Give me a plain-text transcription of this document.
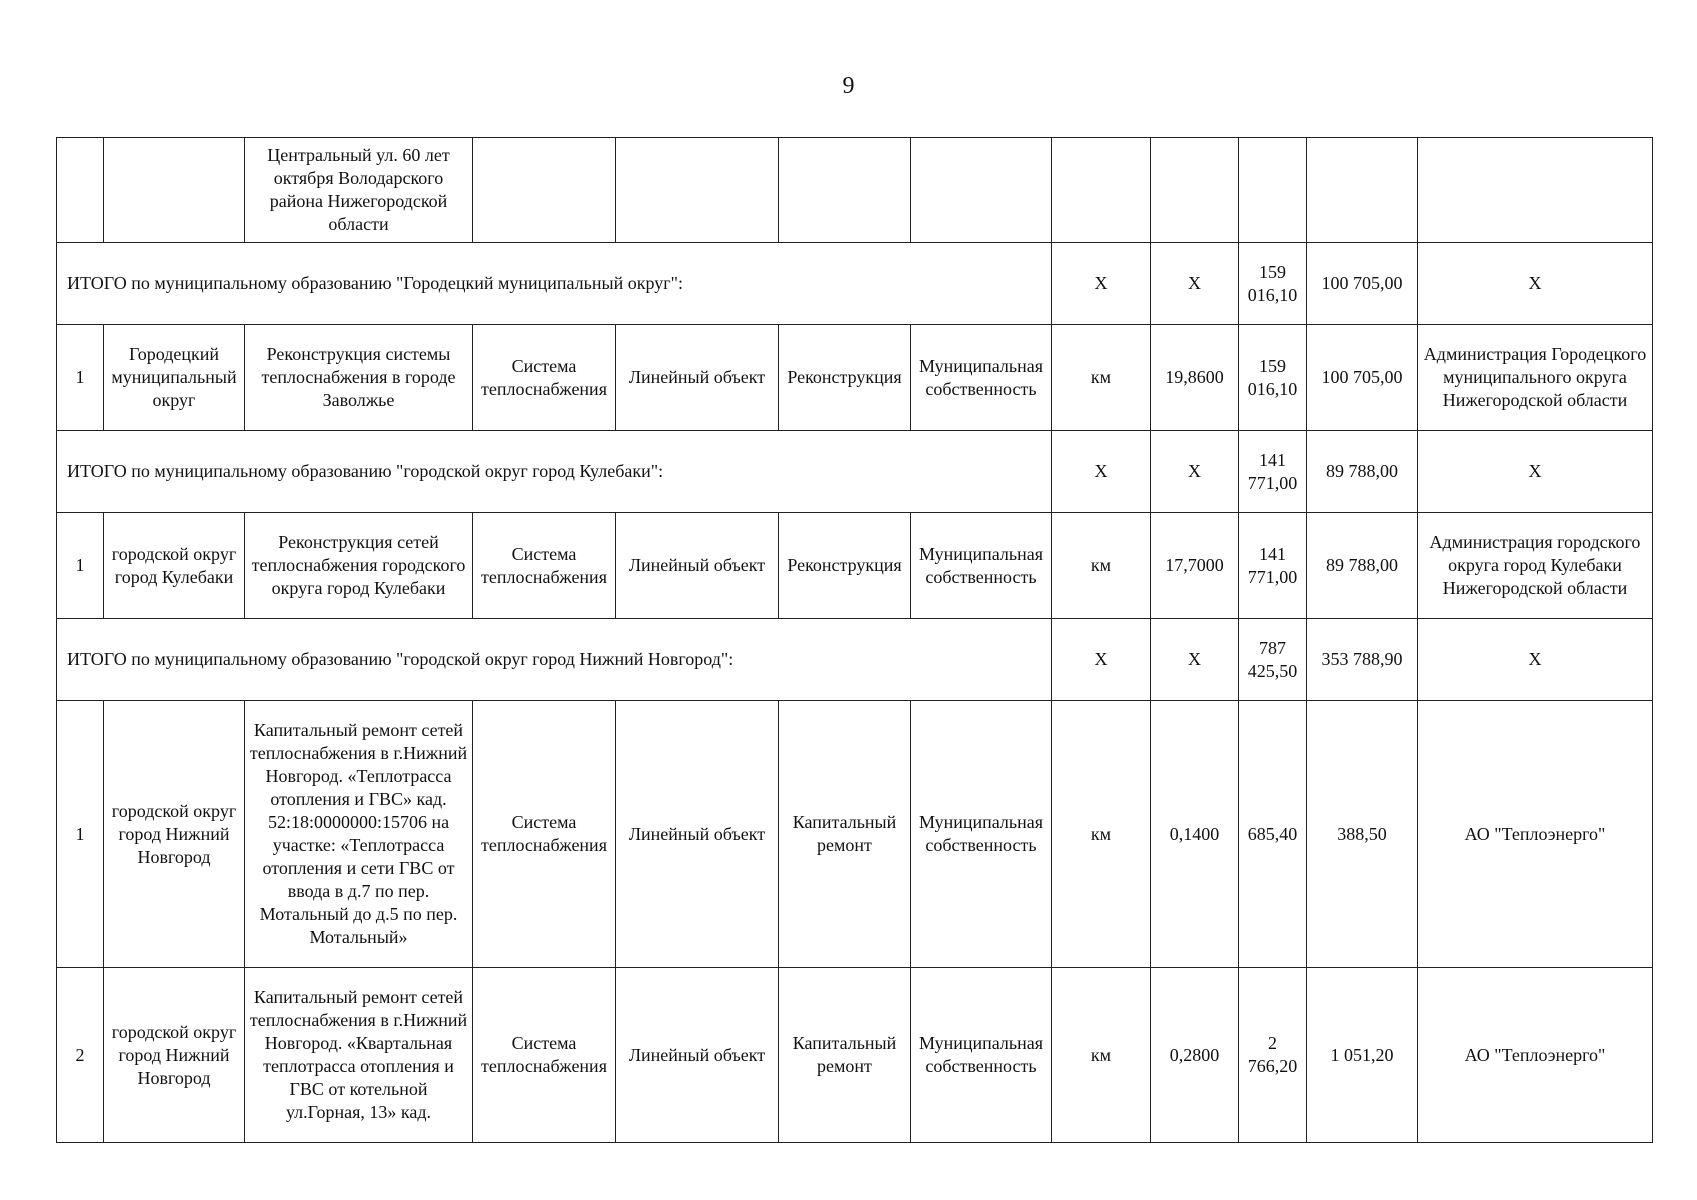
9
		Центральный ул. 60 лет октября Володарского района Нижегородской области									
ИТОГО по муниципальному образованию "Городецкий муниципальный округ":							Х	Х	159 016,10	100 705,00	Х
1	Городецкий муниципальный округ	Реконструкция системы теплоснабжения в городе Заволжье	Система теплоснабжения	Линейный объект	Реконструкция	Муниципальная собственность	км	19,8600	159 016,10	100 705,00	Администрация Городецкого муниципального округа Нижегородской области
ИТОГО по муниципальному образованию "городской округ город Кулебаки":							Х	Х	141 771,00	89 788,00	Х
1	городской округ город Кулебаки	Реконструкция сетей теплоснабжения городского округа город Кулебаки	Система теплоснабжения	Линейный объект	Реконструкция	Муниципальная собственность	км	17,7000	141 771,00	89 788,00	Администрация городского округа город Кулебаки Нижегородской области
ИТОГО по муниципальному образованию "городской округ город Нижний Новгород":							Х	Х	787 425,50	353 788,90	Х
1	городской округ город Нижний Новгород	Капитальный ремонт сетей теплоснабжения в г.Нижний Новгород. «Теплотрасса отопления и ГВС» кад. 52:18:0000000:15706 на участке: «Теплотрасса отопления и сети ГВС от ввода в д.7 по пер. Мотальный до д.5 по пер. Мотальный»	Система теплоснабжения	Линейный объект	Капитальный ремонт	Муниципальная собственность	км	0,1400	685,40	388,50	АО "Теплоэнерго"
2	городской округ город Нижний Новгород	Капитальный ремонт сетей теплоснабжения в г.Нижний Новгород. «Квартальная теплотрасса отопления и ГВС от котельной ул.Горная, 13» кад.	Система теплоснабжения	Линейный объект	Капитальный ремонт	Муниципальная собственность	км	0,2800	2 766,20	1 051,20	АО "Теплоэнерго"
